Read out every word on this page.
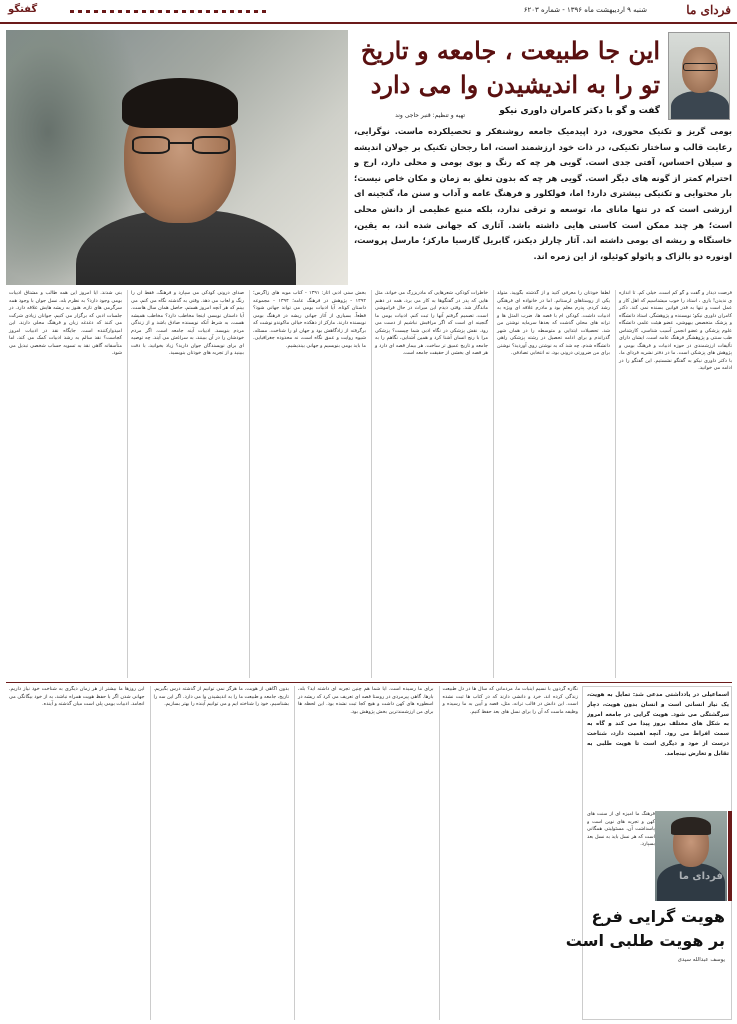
فردای ما
شنبه ۹ اردیبهشت ماه ۱۳۹۶ - شماره ۶۲۰۳
گفتگو
این جا طبیعت ، جامعه و تاریخ
تو را به اندیشیدن وا می دارد
گفت و گو با دکتر کامران داوری نیکو
تهیه و تنظیم: قنبر حاجی وند
بومی گریز و تکنیک محوری، درد اپیدمیک جامعه روشنفکر و تحصیلکرده ماست. نوگرایی، رعایت قالب و ساختار تکنیکی، در ذات خود ارزشمند است، اما رجحان تکنیک بر جولان اندیشه و سیلان احساس، آفتی جدی است. گویی هر چه که رنگ و بوی بومی و محلی دارد، ارج و احترام کمتر از گونه های دیگر است. گویی هر چه که بدون تعلق به زمان و مکان خاص نیست؛ بار محتوایی و تکنیکی بیشتری دارد! اما، فولکلور و فرهنگ عامه و آداب و سنن ما، گنجینه ای ارزشی است که در تنها مانای ما، توسعه و ترقی ندارد، بلکه منبع عظیمی از دانش محلی است؛ هر چند ممکن است کاستی هایی داشته باشد. آثاری که جهانی شده اند، به یقین، خاستگاه و ریشه ای بومی داشته اند. آثار چارلز دیکنز، گابریل گارسیا مارکز؛ مارسل پروست، اونوره دو بالزاک و پائولو کوئیلو، از این زمره اند.
فرصت دیدار و گفت و گو کم است، خیلی کم. تا اندازه ی ندیدن! باری ، استاد را خوب میشناسیم که اهل کار و عمل است و تنها به قدر قوانین بسنده نمی کند. دکتر کامران داوری نیکو؛ نویسنده و پژوهشگر، استاد دانشگاه و پزشک متخصص بیهوشی، عضو هیئت علمی دانشگاه علوم پزشکی و عضو انجمن آسیب شناسی، کارشناس طب سنتی و پژوهشگر فرهنگ عامه است. ایشان دارای تألیفات ارزشمندی در حوزه ادبیات و فرهنگ بومی و پژوهش های پزشکی است. ما در دفتر نشریه فردای ما، با دکتر داوری نیکو به گفتگو نشستیم. این گفتگو را در ادامه می خوانید.
لطفاً خودتان را معرفی کنید و از گذشته بگویید. متولد یکی از روستاهای لرستانم. اما در خانواده ای فرهنگی رشد کردم. پدرم معلم بود و مادرم علاقه ای ویژه به ادبیات داشت. کودکی ام با قصه ها، ضرب المثل ها و ترانه های محلی گذشت که بعدها سرمایه نوشتن من شد. تحصیلات ابتدایی و متوسطه را در همان شهر گذراندم و برای ادامه تحصیل در رشته پزشکی راهی دانشگاه شدم. چه شد که به نوشتن روی آوردید؟ نوشتن برای من ضرورتی درونی بود، نه انتخابی تصادفی.
خاطرات کودکی، شعرهایی که مادربزرگ می خواند، مثل هایی که پدر در گفتگوها به کار می برد، همه در ذهنم ماندگار شد. وقتی دیدم این میراث در حال فراموشی است، تصمیم گرفتم آنها را ثبت کنم. ادبیات بومی ما گنجینه ای است که اگر مراقبش نباشیم از دست می رود. نقش پزشکی در نگاه ادبی شما چیست؟ پزشکی مرا با رنج انسان آشنا کرد و همین آشنایی، نگاهم را به جامعه و تاریخ عمیق تر ساخت. هر بیمار قصه ای دارد و هر قصه ای بخشی از حقیقت جامعه است.
بخش سنی ادبی آثار: ۱۳۹۱ - کتاب مویه های زاگرس؛ ۱۳۹۲ - پژوهش در فرهنگ عامه؛ ۱۳۹۴ - مجموعه داستان کوتاه. آیا ادبیات بومی می تواند جهانی شود؟ قطعاً. بسیاری از آثار جهانی ریشه در فرهنگ بومی نویسنده دارند. مارکز از دهکده خیالی ماکوندو نوشت که برگرفته از زادگاهش بود و جهان او را شناخت. مسئله، شیوه روایت و عمق نگاه است، نه محدوده جغرافیایی. ما باید بومی بنویسیم و جهانی بیندیشیم.
صدای درونی کودکی می سپارد و فرهنگ، فقط آن را رنگ و لعاب می دهد. وقتی به گذشته نگاه می کنم، می بینم که هر آنچه امروز هستم، حاصل همان سال هاست. آیا داستان نویسی اینجا مخاطب دارد؟ مخاطب همیشه هست، به شرط آنکه نویسنده صادق باشد و از زندگی مردم بنویسد. ادبیات آینه جامعه است. اگر مردم خودشان را در آن ببینند، به سراغش می آیند. چه توصیه ای برای نویسندگان جوان دارید؟ زیاد بخوانید، با دقت ببینید و از تجربه های خودتان بنویسید.
بنی شدند. آیا امروز این همه طالب و مشتاق ادبیات بومی وجود دارد؟ به نظرم بله، نسل جوان با وجود همه سرگرمی های تازه، هنوز به ریشه هایش علاقه دارد. در جلسات ادبی که برگزار می کنیم، جوانان زیادی شرکت می کنند که دغدغه زبان و فرهنگ محلی دارند. این امیدوارکننده است. جایگاه نقد در ادبیات امروز کجاست؟ نقد سالم به رشد ادبیات کمک می کند، اما متأسفانه گاهی نقد به تسویه حساب شخصی تبدیل می شود.
نگاره گردون با نسیم اینبات ما، مردمانی که سال ها در دل طبیعت زندگی کرده اند، خرد و دانشی دارند که در کتاب ها ثبت نشده است. این دانش در قالب ترانه، مثل، قصه و آیین به ما رسیده و وظیفه ماست که آن را برای نسل های بعد حفظ کنیم.
برای ما رسیده است. آیا شما هم چنین تجربه ای داشته اید؟ بله، بارها. گاهی پیرمردی در روستا قصه ای تعریف می کرد که ریشه در اسطوره های کهن داشت و هیچ کجا ثبت نشده بود. این لحظه ها برای من ارزشمندترین بخش پژوهش بود.
بدون آگاهی از هویت، ما هرگز نمی توانیم از گذشته درس بگیریم. تاریخ، جامعه و طبیعت ما را به اندیشیدن وا می دارد. اگر این سه را بشناسیم، خود را شناخته ایم و می توانیم آینده را بهتر بسازیم.
این روزها ما بیشتر از هر زمان دیگری به شناخت خود نیاز داریم. جهانی شدن اگر با حفظ هویت همراه نباشد، به از خود بیگانگی می انجامد. ادبیات بومی پلی است میان گذشته و آینده.
اسماعیلی در یادداشتی مدعی شد: تمایل به هویت، یک نیاز انسانی است و انسان بدون هویت، دچار سرگشتگی می شود. هویت گرایی در جامعه امروز به شکل های مختلف بروز پیدا می کند و گاه به سمت افراط می رود. آنچه اهمیت دارد، شناخت درست از خود و دیگری است تا هویت طلبی به تقابل و تعارض نینجامد.
فرهنگ ما آمیزه ای از سنت های کهن و تجربه های نوین است و پاسداشت آن، مسئولیتی همگانی است که هر نسل باید به نسل بعد بسپارد.
فردای ما
هویت گرایی فرع
بر هویت طلبی است
یوسف عبدالله سیدی
